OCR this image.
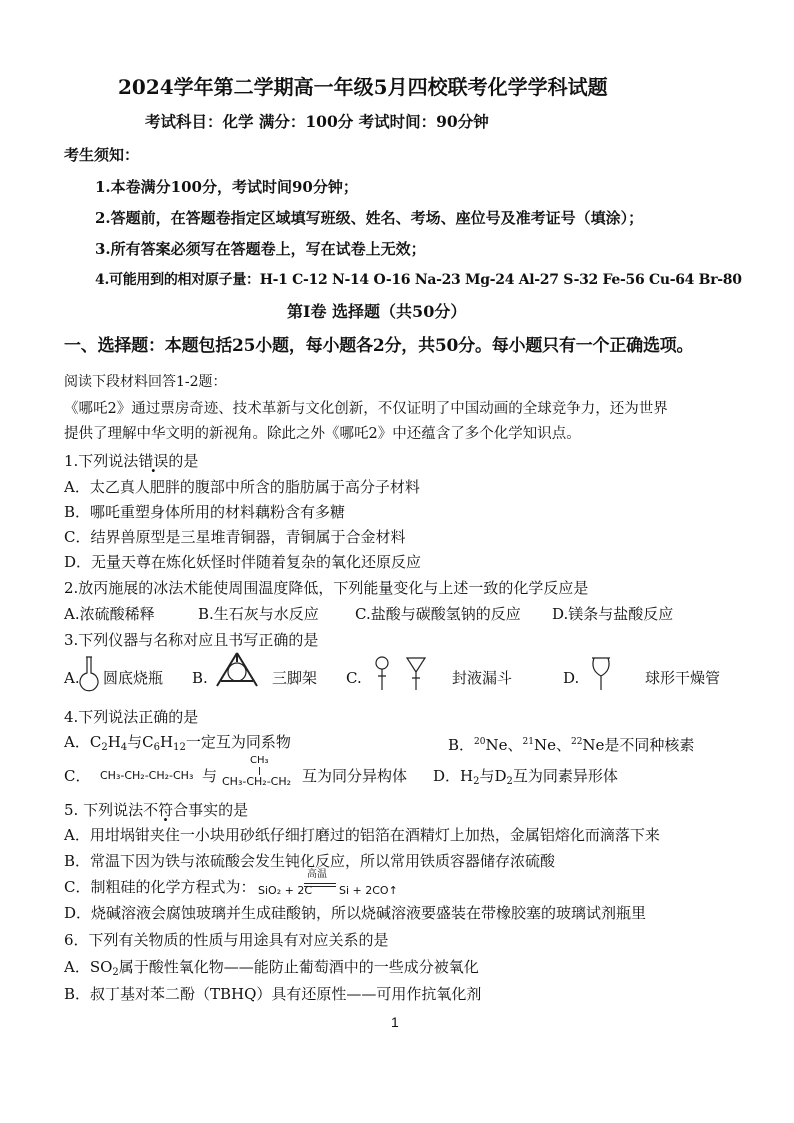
2024学年第二学期高一年级5月四校联考化学学科试题
考试科目：化学 满分：100分 考试时间：90分钟
考生须知：
1.本卷满分100分，考试时间90分钟；
2.答题前，在答题卷指定区域填写班级、姓名、考场、座位号及准考证号（填涂）；
3.所有答案必须写在答题卷上，写在试卷上无效；
4.可能用到的相对原子量：H-1 C-12 N-14 O-16 Na-23 Mg-24 Al-27 S-32 Fe-56 Cu-64 Br-80
第Ⅰ卷 选择题（共50分）
一、选择题：本题包括25小题，每小题各2分，共50分。每小题只有一个正确选项。
阅读下段材料回答1-2题：
《哪吒2》通过票房奇迹、技术革新与文化创新，不仅证明了中国动画的全球竞争力，还为世界
提供了理解中华文明的新视角。除此之外《哪吒2》中还蕴含了多个化学知识点。
1.下列说法错误的是
A．太乙真人肥胖的腹部中所含的脂肪属于高分子材料
B．哪吒重塑身体所用的材料藕粉含有多糖
C．结界兽原型是三星堆青铜器，青铜属于合金材料
D．无量天尊在炼化妖怪时伴随着复杂的氧化还原反应
2.放丙施展的冰法术能使周围温度降低，下列能量变化与上述一致的化学反应是
A.浓硫酸稀释	B.生石灰与水反应 C.盐酸与碳酸氢钠的反应 D.镁条与盐酸反应
3.下列仪器与名称对应且书写正确的是
A. 圆底烧瓶 B.	三脚架 C.	封液漏斗	D.	球形干燥管
4.下列说法正确的是
A．$C_2H_4$与$C_6H_{12}$一定互为同系物	B．$^{20}$Ne、$^{21}$Ne、$^{22}$Ne是不同种核素
C． CH₃-CH₂-CH₂-CH₃ 与
CH₃
CH₃-CH₂-CH₂ 互为同分异构体 D．$H_2$与$D_2$互为同素异形体
5. 下列说法不符合事实的是
A．用坩埚钳夹住一小块用砂纸仔细打磨过的铝箔在酒精灯上加热，金属铝熔化而滴落下来
B．常温下因为铁与浓硫酸会发生钝化反应，所以常用铁质容器储存浓硫酸
C．制粗硅的化学方程式为： SiO₂ + 2C
高温
Si + 2CO↑
D．烧碱溶液会腐蚀玻璃并生成硅酸钠，所以烧碱溶液要盛装在带橡胶塞的玻璃试剂瓶里
6．下列有关物质的性质与用途具有对应关系的是
A．$SO_2$属于酸性氧化物——能防止葡萄酒中的一些成分被氧化
B．叔丁基对苯二酚（TBHQ）具有还原性——可用作抗氧化剂
1
